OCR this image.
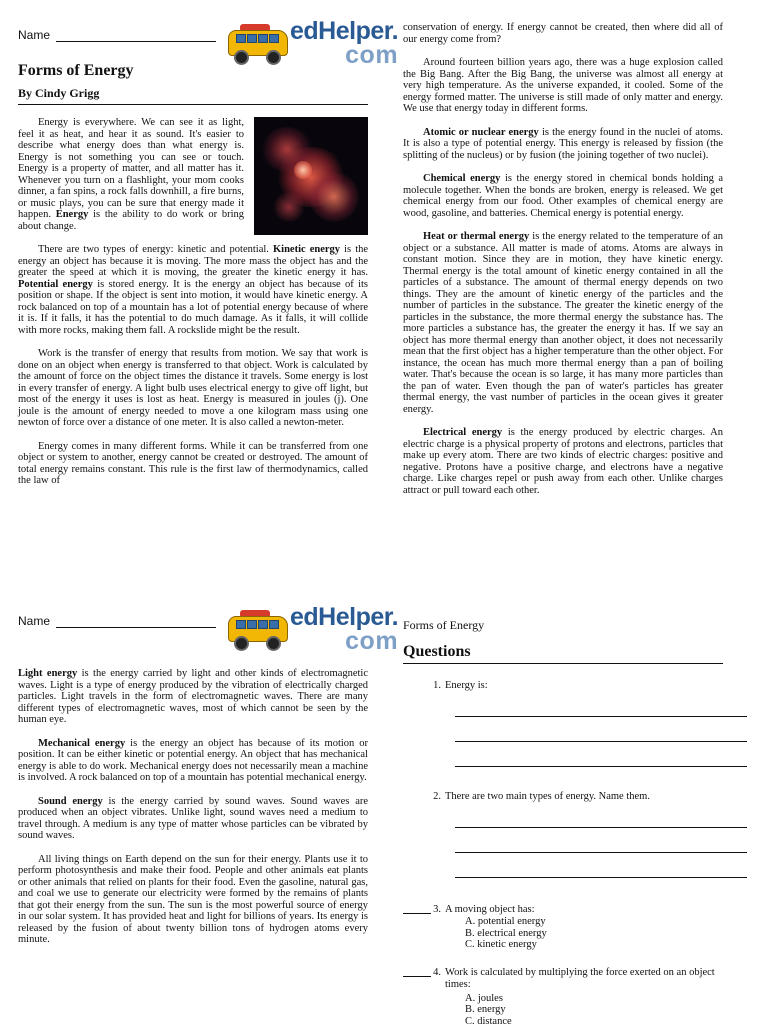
Name	edHelper.
com
Forms of Energy
By Cindy Grigg

Energy is everywhere. We can see it as light, feel it as heat, and hear it as sound. It's easier to describe what energy does than what energy is. Energy is not something you can see or touch. Energy is a property of matter, and all matter has it. Whenever you turn on a flashlight, your mom cooks dinner, a fan spins, a rock falls downhill, a fire burns, or music plays, you can be sure that energy made it happen. Energy is the ability to do work or bring about change.

There are two types of energy: kinetic and potential. Kinetic energy is the energy an object has because it is moving. The more mass the object has and the greater the speed at which it is moving, the greater the kinetic energy it has. Potential energy is stored energy. It is the energy an object has because of its position or shape. If the object is sent into motion, it would have kinetic energy. A rock balanced on top of a mountain has a lot of potential energy because of where it is. If it falls, it has the potential to do much damage. As it falls, it will collide with more rocks, making them fall. A rockslide might be the result.

Work is the transfer of energy that results from motion. We say that work is done on an object when energy is transferred to that object. Work is calculated by the amount of force on the object times the distance it travels. Some energy is lost in every transfer of energy. A light bulb uses electrical energy to give off light, but most of the energy it uses is lost as heat. Energy is measured in joules (j). One joule is the amount of energy needed to move a one kilogram mass using one newton of force over a distance of one meter. It is also called a newton-meter.

Energy comes in many different forms. While it can be transferred from one object or system to another, energy cannot be created or destroyed. The amount of total energy remains constant. This rule is the first law of thermodynamics, called the law of

conservation of energy. If energy cannot be created, then where did all of our energy come from?

Around fourteen billion years ago, there was a huge explosion called the Big Bang. After the Big Bang, the universe was almost all energy at very high temperature. As the universe expanded, it cooled. Some of the energy formed matter. The universe is still made of only matter and energy. We use that energy today in different forms.

Atomic or nuclear energy is the energy found in the nuclei of atoms. It is also a type of potential energy. This energy is released by fission (the splitting of the nucleus) or by fusion (the joining together of two nuclei).

Chemical energy is the energy stored in chemical bonds holding a molecule together. When the bonds are broken, energy is released. We get chemical energy from our food. Other examples of chemical energy are wood, gasoline, and batteries. Chemical energy is potential energy.

Heat or thermal energy is the energy related to the temperature of an object or a substance. All matter is made of atoms. Atoms are always in constant motion. Since they are in motion, they have kinetic energy. Thermal energy is the total amount of kinetic energy contained in all the particles of a substance. The amount of thermal energy depends on two things. They are the amount of kinetic energy of the particles and the number of particles in the substance. The greater the kinetic energy of the particles in the substance, the more thermal energy the substance has. The more particles a substance has, the greater the energy it has. If we say an object has more thermal energy than another object, it does not necessarily mean that the first object has a higher temperature than the other object. For instance, the ocean has much more thermal energy than a pan of boiling water. That's because the ocean is so large, it has many more particles than the pan of water. Even though the pan of water's particles has greater thermal energy, the vast number of particles in the ocean gives it greater energy.

Electrical energy is the energy produced by electric charges. An electric charge is a physical property of protons and electrons, particles that make up every atom. There are two kinds of electric charges: positive and negative. Protons have a positive charge, and electrons have a negative charge. Like charges repel or push away from each other. Unlike charges attract or pull toward each other.

Name	edHelper.
com

Light energy is the energy carried by light and other kinds of electromagnetic waves. Light is a type of energy produced by the vibration of electrically charged particles. Light travels in the form of electromagnetic waves. There are many different types of electromagnetic waves, most of which cannot be seen by the human eye.

Mechanical energy is the energy an object has because of its motion or position. It can be either kinetic or potential energy. An object that has mechanical energy is able to do work. Mechanical energy does not necessarily mean a machine is involved. A rock balanced on top of a mountain has potential mechanical energy.

Sound energy is the energy carried by sound waves. Sound waves are produced when an object vibrates. Unlike light, sound waves need a medium to travel through. A medium is any type of matter whose particles can be vibrated by sound waves.

All living things on Earth depend on the sun for their energy. Plants use it to perform photosynthesis and make their food. People and other animals eat plants or other animals that relied on plants for their food. Even the gasoline, natural gas, and coal we use to generate our electricity were formed by the remains of plants that got their energy from the sun. The sun is the most powerful source of energy in our solar system. It has provided heat and light for billions of years. Its energy is released by the fusion of about twenty billion tons of hydrogen atoms every minute.

Forms of Energy
Questions
1. Energy is:
2. There are two main types of energy. Name them.
3. A moving object has:
A. potential energy
B. electrical energy
C. kinetic energy
4. Work is calculated by multiplying the force exerted on an object times:
A. joules
B. energy
C. distance
